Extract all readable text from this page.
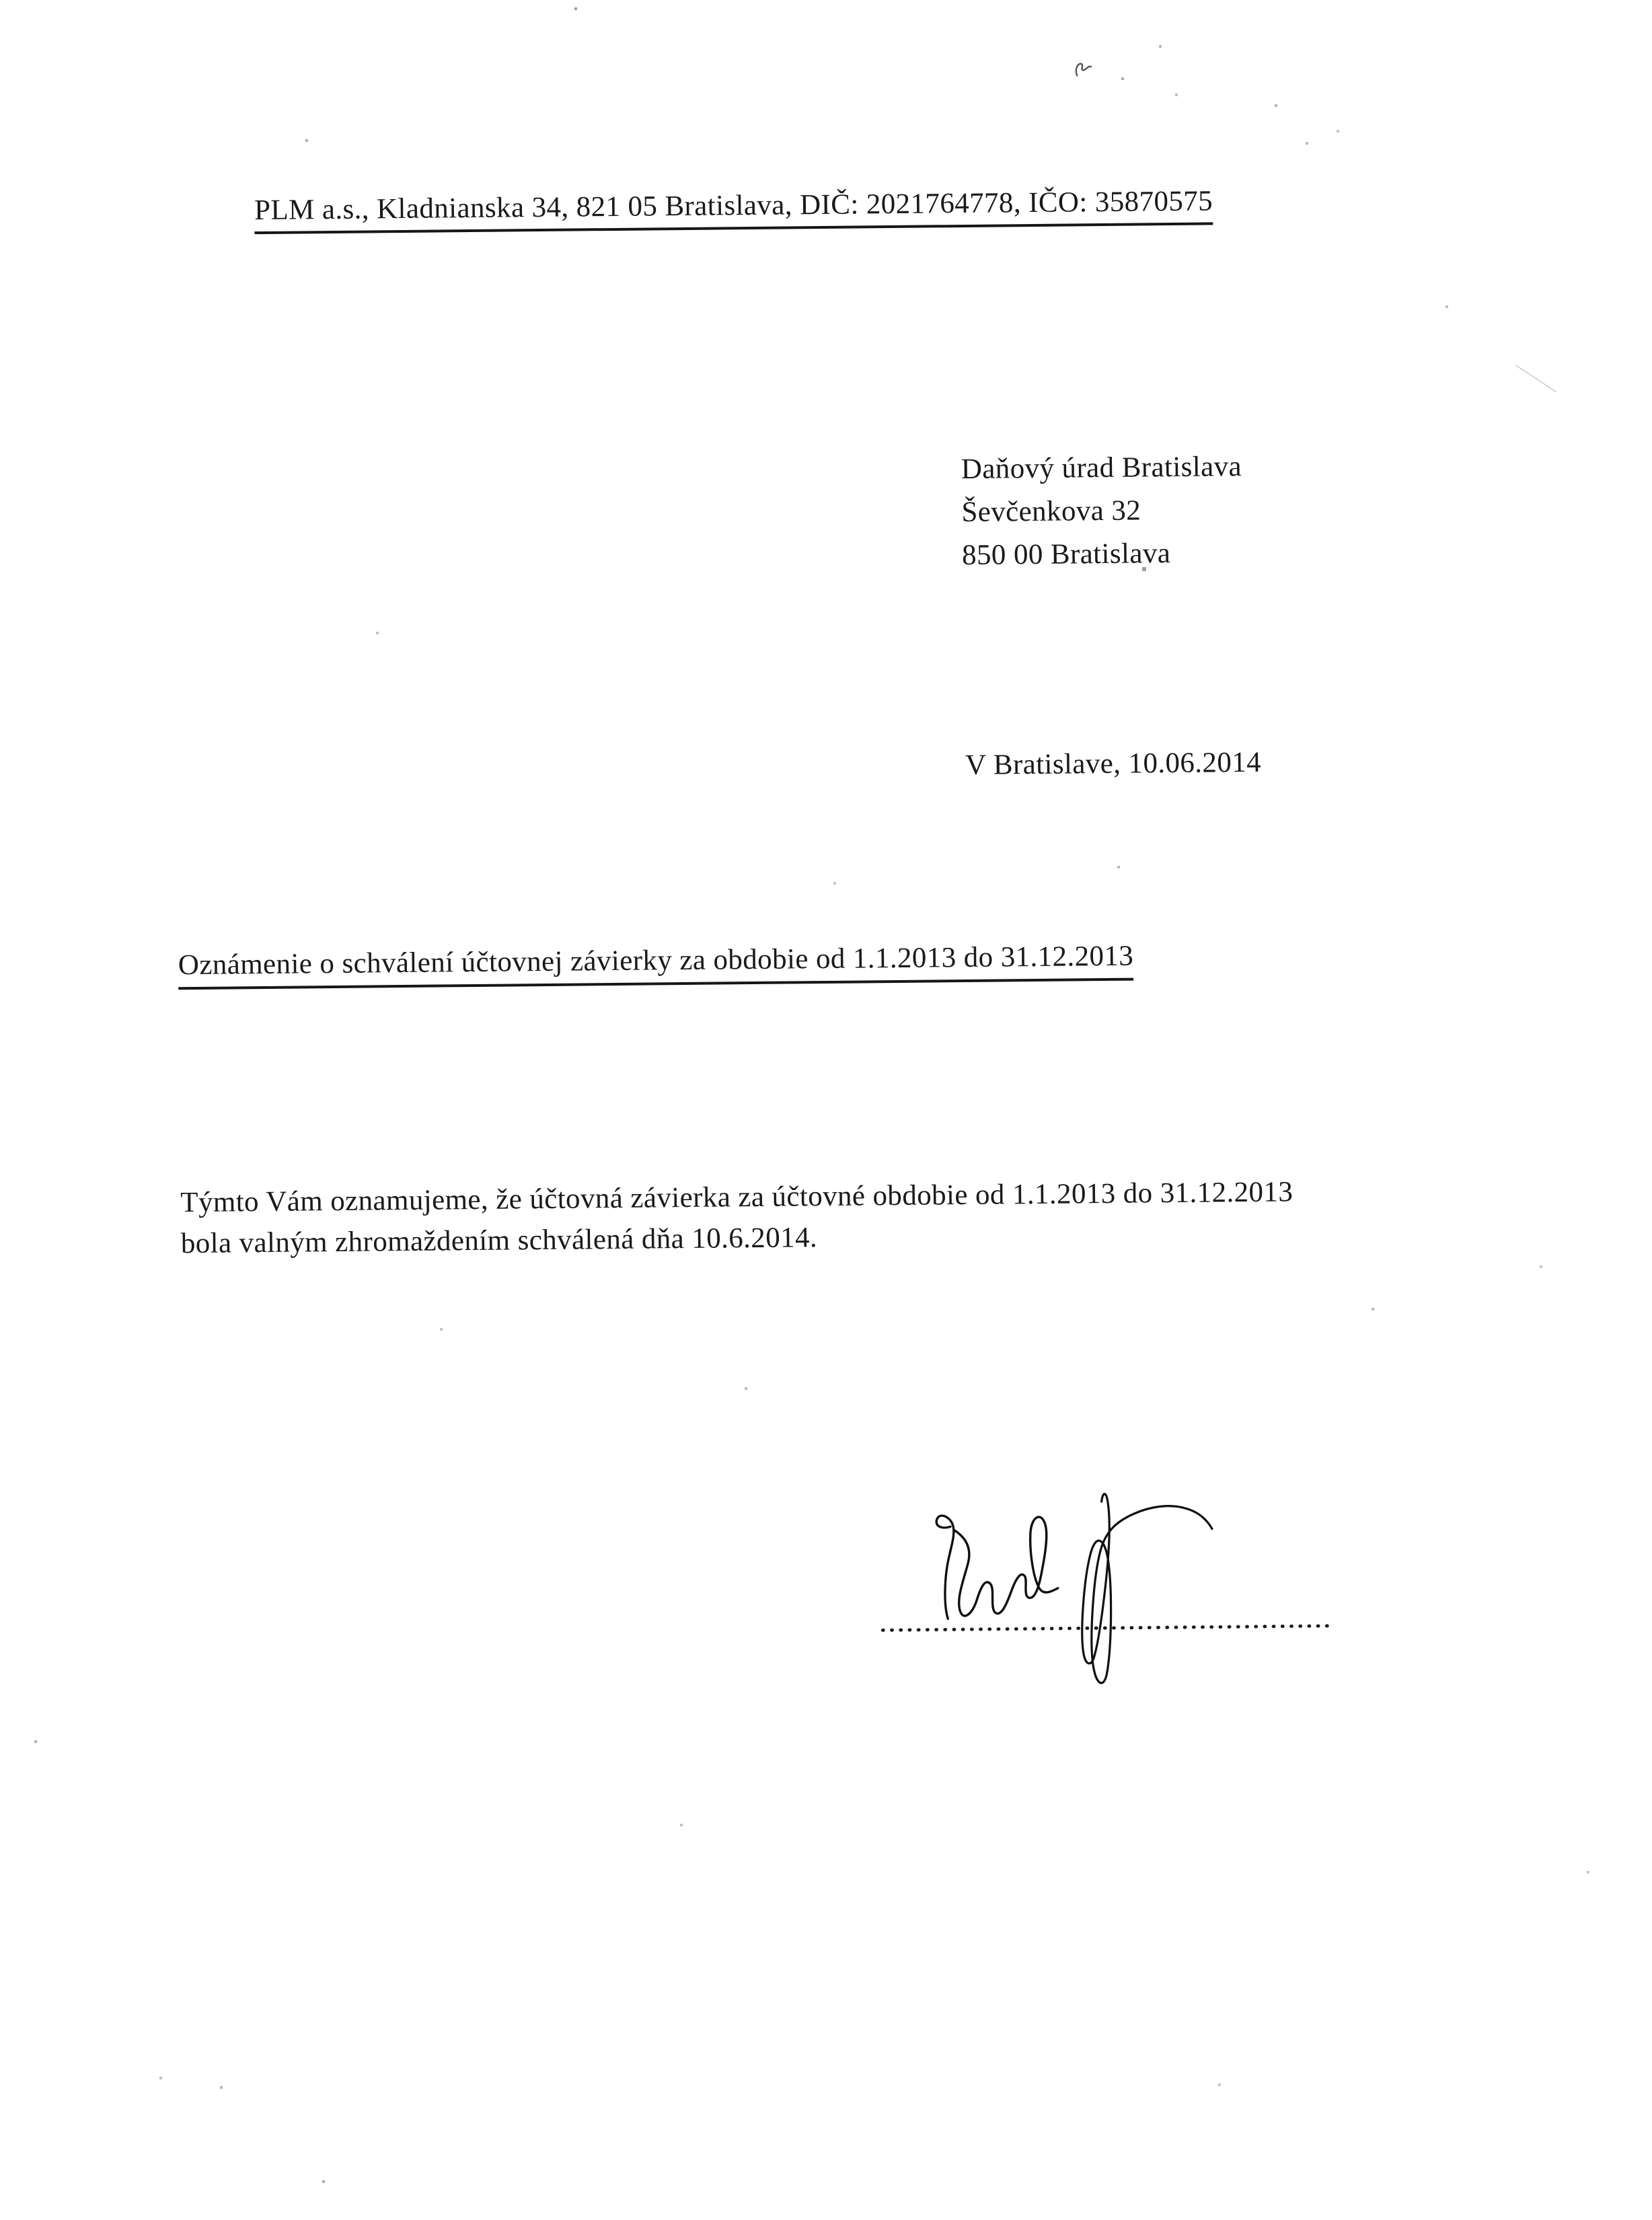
PLM a.s., Kladnianska 34, 821 05 Bratislava, DIČ: 2021764778, IČO: 35870575
Daňový úrad Bratislava
Ševčenkova 32
850 00 Bratislava
V Bratislave, 10.06.2014
Oznámenie o schválení účtovnej závierky za obdobie od 1.1.2013 do 31.12.2013
Týmto Vám oznamujeme, že účtovná závierka za účtovné obdobie od 1.1.2013 do 31.12.2013
bola valným zhromaždením schválená dňa 10.6.2014.
